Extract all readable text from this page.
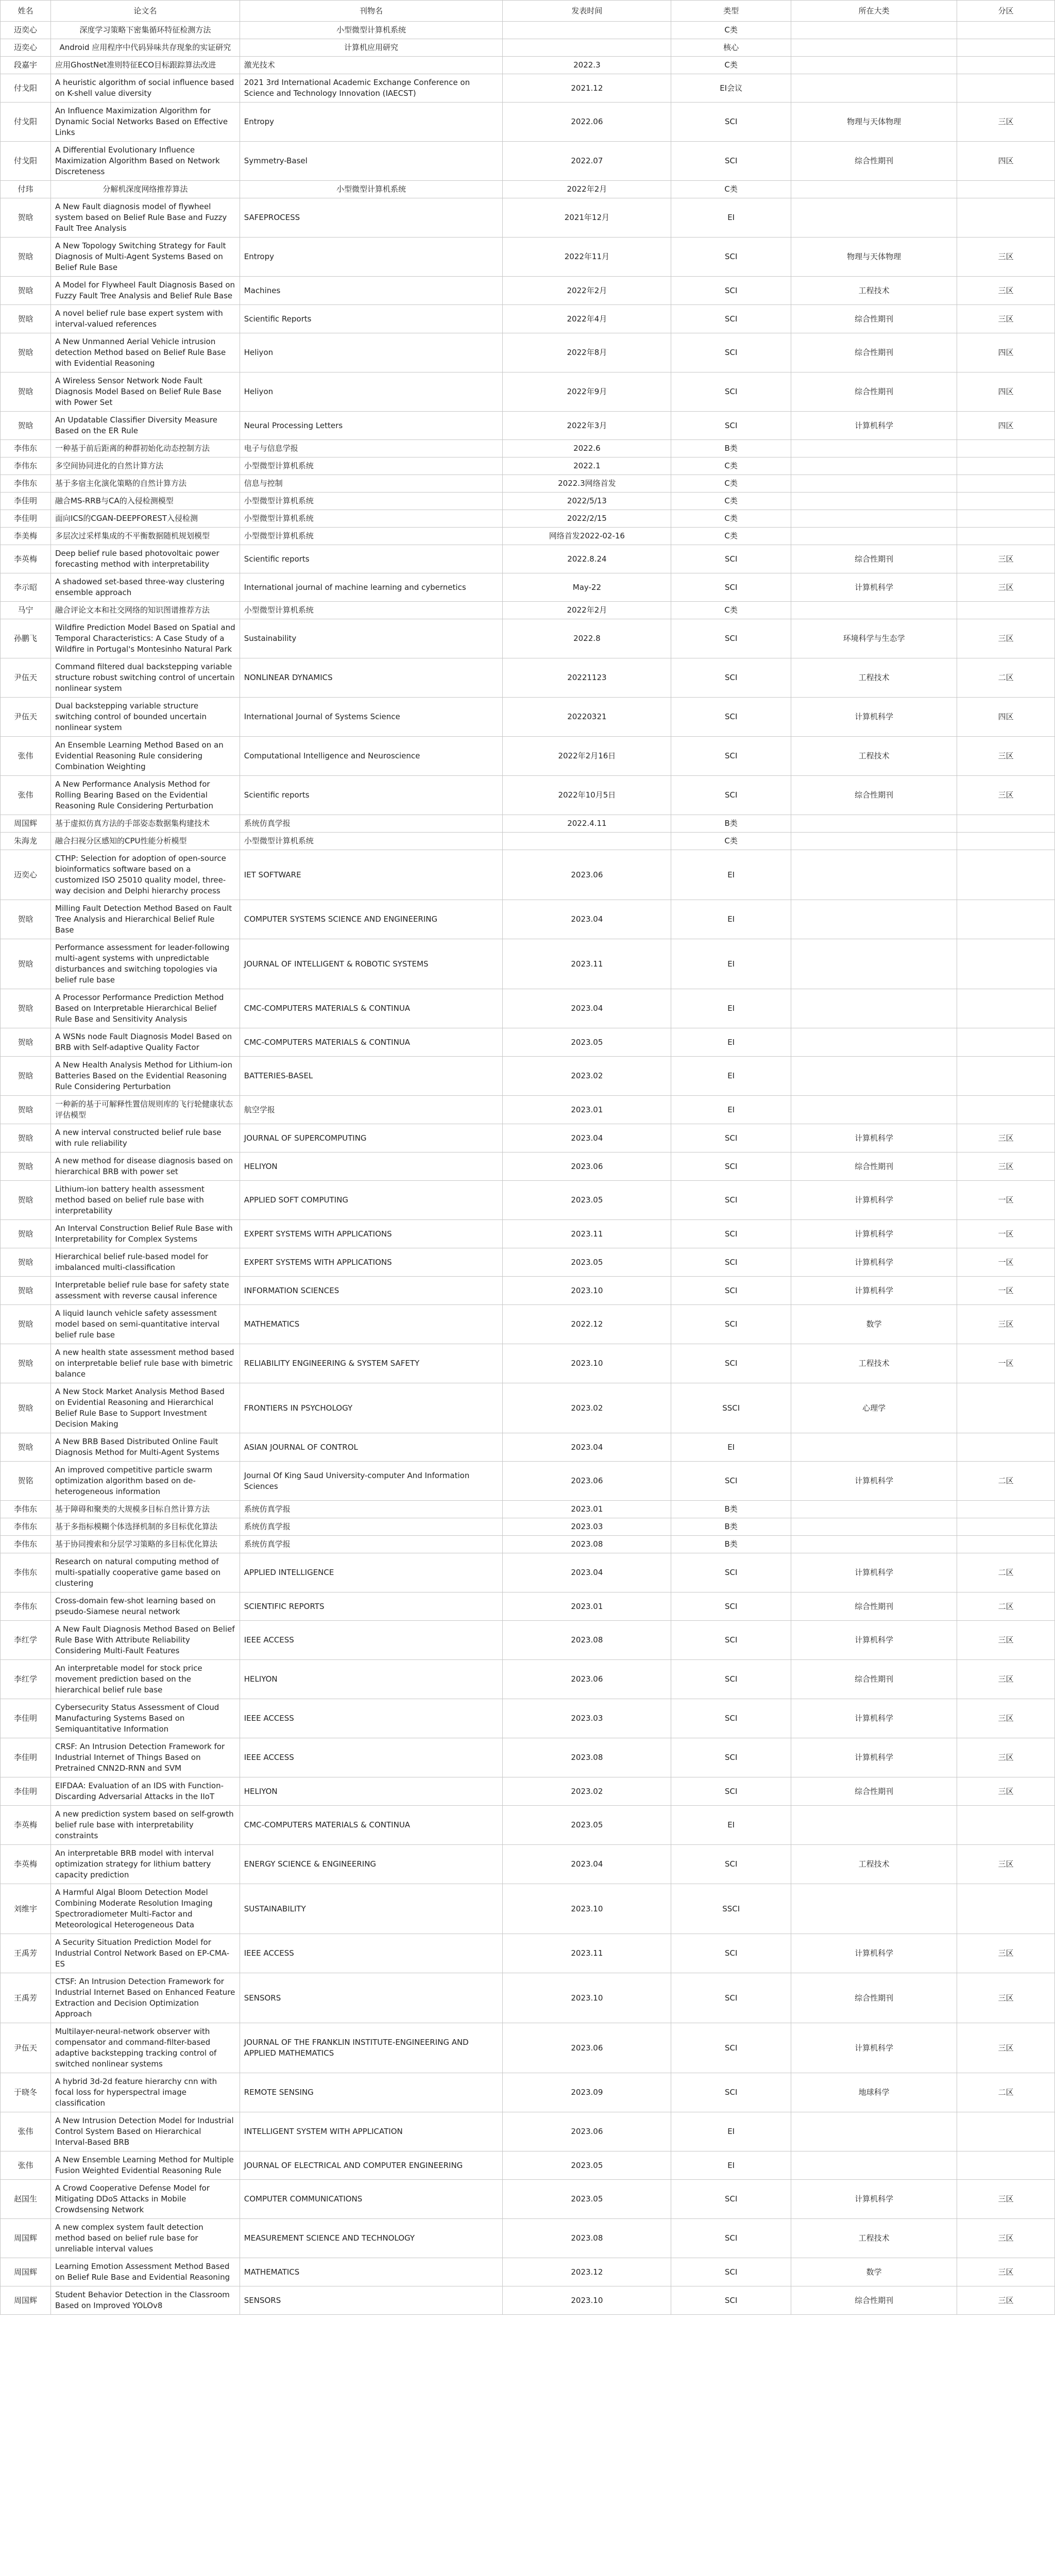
姓名	论文名	刊物名	发表时间	类型	所在大类	分区
迈奕心	深度学习策略下密集循环特征检测方法	小型微型计算机系统		C类		
迈奕心	Android 应用程序中代码异味共存现象的实证研究	计算机应用研究		核心		
段嘉宇	应用GhostNet准则特征ECO目标跟踪算法改进	激光技术	2022.3	C类		
付戈阳	A heuristic algorithm of social influence based on K-shell value diversity	2021 3rd International Academic Exchange Conference on Science and Technology Innovation (IAECST)	2021.12	EI会议		
付戈阳	An Influence Maximization Algorithm for Dynamic Social Networks Based on Effective Links	Entropy	2022.06	SCI	物理与天体物理	三区
付戈阳	A Differential Evolutionary Influence Maximization Algorithm Based on Network Discreteness	Symmetry-Basel	2022.07	SCI	综合性期刊	四区
付玮	分解机深度网络推荐算法	小型微型计算机系统	2022年2月	C类		
贺晗	A New Fault diagnosis model of flywheel system based on Belief Rule Base and Fuzzy Fault Tree Analysis	SAFEPROCESS	2021年12月	EI		
贺晗	A New Topology Switching Strategy for Fault Diagnosis of Multi-Agent Systems Based on Belief Rule Base	Entropy	2022年11月	SCI	物理与天体物理	三区
贺晗	A Model for Flywheel Fault Diagnosis Based on Fuzzy Fault Tree Analysis and Belief Rule Base	Machines	2022年2月	SCI	工程技术	三区
贺晗	A novel belief rule base expert system with interval-valued references	Scientific Reports	2022年4月	SCI	综合性期刊	三区
贺晗	A New Unmanned Aerial Vehicle intrusion detection Method based on Belief Rule Base with Evidential Reasoning	Heliyon	2022年8月	SCI	综合性期刊	四区
贺晗	A Wireless Sensor Network Node Fault Diagnosis Model Based on Belief Rule Base with Power Set	Heliyon	2022年9月	SCI	综合性期刊	四区
贺晗	An Updatable Classifier Diversity Measure Based on the ER Rule	Neural Processing Letters	2022年3月	SCI	计算机科学	四区
李伟东	一种基于前后距离的种群初始化动态控制方法	电子与信息学报	2022.6	B类		
李伟东	多空间协同进化的自然计算方法	小型微型计算机系统	2022.1	C类		
李伟东	基于多宿主化演化策略的自然计算方法	信息与控制	2022.3网络首发	C类		
李佳明	融合MS-RRB与CA的入侵检测模型	小型微型计算机系统	2022/5/13	C类		
李佳明	面向ICS的CGAN-DEEPFOREST入侵检测	小型微型计算机系统	2022/2/15	C类		
李美梅	多层次过采样集成的不平衡数据随机规划模型	小型微型计算机系统	网络首发2022-02-16	C类		
李英梅	Deep belief rule based photovoltaic power forecasting method with interpretability	Scientific reports	2022.8.24	SCI	综合性期刊	三区
李示昭	A shadowed set-based three-way clustering ensemble approach	International journal of machine learning and cybernetics	May-22	SCI	计算机科学	三区
马宁	融合评论文本和社交网络的知识图谱推荐方法	小型微型计算机系统	2022年2月	C类		
孙鹏飞	Wildfire Prediction Model Based on Spatial and Temporal Characteristics: A Case Study of a Wildfire in Portugal's Montesinho Natural Park	Sustainability	2022.8	SCI	环境科学与生态学	三区
尹伍天	Command filtered dual backstepping variable structure robust switching control of uncertain nonlinear system	NONLINEAR DYNAMICS	20221123	SCI	工程技术	二区
尹伍天	Dual backstepping variable structure switching control of bounded uncertain nonlinear system	International Journal of Systems Science	20220321	SCI	计算机科学	四区
张伟	An Ensemble Learning Method Based on an Evidential Reasoning Rule considering Combination Weighting	Computational Intelligence and Neuroscience	2022年2月16日	SCI	工程技术	三区
张伟	A New Performance Analysis Method for Rolling Bearing Based on the Evidential Reasoning Rule Considering Perturbation	Scientific reports	2022年10月5日	SCI	综合性期刊	三区
周国辉	基于虚拟仿真方法的手部姿态数据集构建技术	系统仿真学报	2022.4.11	B类		
朱海龙	融合扫视分区感知的CPU性能分析模型	小型微型计算机系统		C类		
迈奕心	CTHP: Selection for adoption of open-source bioinformatics software based on a customized ISO 25010 quality model, three-way decision and Delphi hierarchy process	IET SOFTWARE	2023.06	EI		
贺晗	Milling Fault Detection Method Based on Fault Tree Analysis and Hierarchical Belief Rule Base	COMPUTER SYSTEMS SCIENCE AND ENGINEERING	2023.04	EI		
贺晗	Performance assessment for leader-following multi-agent systems with unpredictable disturbances and switching topologies via belief rule base	JOURNAL OF INTELLIGENT & ROBOTIC SYSTEMS	2023.11	EI		
贺晗	A Processor Performance Prediction Method Based on Interpretable Hierarchical Belief Rule Base and Sensitivity Analysis	CMC-COMPUTERS MATERIALS & CONTINUA	2023.04	EI		
贺晗	A WSNs node Fault Diagnosis Model Based on BRB with Self-adaptive Quality Factor	CMC-COMPUTERS MATERIALS & CONTINUA	2023.05	EI		
贺晗	A New Health Analysis Method for Lithium-ion Batteries Based on the Evidential Reasoning Rule Considering Perturbation	BATTERIES-BASEL	2023.02	EI		
贺晗	一种新的基于可解释性置信规则库的飞行轮健康状态评估模型	航空学报	2023.01	EI		
贺晗	A new interval constructed belief rule base with rule reliability	JOURNAL OF SUPERCOMPUTING	2023.04	SCI	计算机科学	三区
贺晗	A new method for disease diagnosis based on hierarchical BRB with power set	HELIYON	2023.06	SCI	综合性期刊	三区
贺晗	Lithium-ion battery health assessment method based on belief rule base with interpretability	APPLIED SOFT COMPUTING	2023.05	SCI	计算机科学	一区
贺晗	An Interval Construction Belief Rule Base with Interpretability for Complex Systems	EXPERT SYSTEMS WITH APPLICATIONS	2023.11	SCI	计算机科学	一区
贺晗	Hierarchical belief rule-based model for imbalanced multi-classification	EXPERT SYSTEMS WITH APPLICATIONS	2023.05	SCI	计算机科学	一区
贺晗	Interpretable belief rule base for safety state assessment with reverse causal inference	INFORMATION SCIENCES	2023.10	SCI	计算机科学	一区
贺晗	A liquid launch vehicle safety assessment model based on semi-quantitative interval belief rule base	MATHEMATICS	2022.12	SCI	数学	三区
贺晗	A new health state assessment method based on interpretable belief rule base with bimetric balance	RELIABILITY ENGINEERING & SYSTEM SAFETY	2023.10	SCI	工程技术	一区
贺晗	A New Stock Market Analysis Method Based on Evidential Reasoning and Hierarchical Belief Rule Base to Support Investment Decision Making	FRONTIERS IN PSYCHOLOGY	2023.02	SSCI	心理学	
贺晗	A New BRB Based Distributed Online Fault Diagnosis Method for Multi-Agent Systems	ASIAN JOURNAL OF CONTROL	2023.04	EI		
贺铭	An improved competitive particle swarm optimization algorithm based on de-heterogeneous information	Journal Of King Saud University-computer And Information Sciences	2023.06	SCI	计算机科学	二区
李伟东	基于障碍和聚类的大规模多目标自然计算方法	系统仿真学报	2023.01	B类		
李伟东	基于多指标模糊个体选择机制的多目标优化算法	系统仿真学报	2023.03	B类		
李伟东	基于协同搜索和分层学习策略的多目标优化算法	系统仿真学报	2023.08	B类		
李伟东	Research on natural computing method of multi-spatially cooperative game based on clustering	APPLIED INTELLIGENCE	2023.04	SCI	计算机科学	二区
李伟东	Cross-domain few-shot learning based on pseudo-Siamese neural network	SCIENTIFIC REPORTS	2023.01	SCI	综合性期刊	二区
李红学	A New Fault Diagnosis Method Based on Belief Rule Base With Attribute Reliability Considering Multi-Fault Features	IEEE ACCESS	2023.08	SCI	计算机科学	三区
李红学	An interpretable model for stock price movement prediction based on the hierarchical belief rule base	HELIYON	2023.06	SCI	综合性期刊	三区
李佳明	Cybersecurity Status Assessment of Cloud Manufacturing Systems Based on Semiquantitative Information	IEEE ACCESS	2023.03	SCI	计算机科学	三区
李佳明	CRSF: An Intrusion Detection Framework for Industrial Internet of Things Based on Pretrained CNN2D-RNN and SVM	IEEE ACCESS	2023.08	SCI	计算机科学	三区
李佳明	EIFDAA: Evaluation of an IDS with Function-Discarding Adversarial Attacks in the IIoT	HELIYON	2023.02	SCI	综合性期刊	三区
李英梅	A new prediction system based on self-growth belief rule base with interpretability constraints	CMC-COMPUTERS MATERIALS & CONTINUA	2023.05	EI		
李英梅	An interpretable BRB model with interval optimization strategy for lithium battery capacity prediction	ENERGY SCIENCE & ENGINEERING	2023.04	SCI	工程技术	三区
刘维宇	A Harmful Algal Bloom Detection Model Combining Moderate Resolution Imaging Spectroradiometer Multi-Factor and Meteorological Heterogeneous Data	SUSTAINABILITY	2023.10	SSCI		
王禹芳	A Security Situation Prediction Model for Industrial Control Network Based on EP-CMA-ES	IEEE ACCESS	2023.11	SCI	计算机科学	三区
王禹芳	CTSF: An Intrusion Detection Framework for Industrial Internet Based on Enhanced Feature Extraction and Decision Optimization Approach	SENSORS	2023.10	SCI	综合性期刊	三区
尹伍天	Multilayer-neural-network observer with compensator and command-filter-based adaptive backstepping tracking control of switched nonlinear systems	JOURNAL OF THE FRANKLIN INSTITUTE-ENGINEERING AND APPLIED MATHEMATICS	2023.06	SCI	计算机科学	三区
于晓冬	A hybrid 3d-2d feature hierarchy cnn with focal loss for hyperspectral image classification	REMOTE SENSING	2023.09	SCI	地球科学	二区
张伟	A New Intrusion Detection Model for Industrial Control System Based on Hierarchical Interval-Based BRB	INTELLIGENT SYSTEM WITH APPLICATION	2023.06	EI		
张伟	A New Ensemble Learning Method for Multiple Fusion Weighted Evidential Reasoning Rule	JOURNAL OF ELECTRICAL AND COMPUTER ENGINEERING	2023.05	EI		
赵国生	A Crowd Cooperative Defense Model for Mitigating DDoS Attacks in Mobile Crowdsensing Network	COMPUTER COMMUNICATIONS	2023.05	SCI	计算机科学	三区
周国辉	A new complex system fault detection method based on belief rule base for unreliable interval values	MEASUREMENT SCIENCE AND TECHNOLOGY	2023.08	SCI	工程技术	三区
周国辉	Learning Emotion Assessment Method Based on Belief Rule Base and Evidential Reasoning	MATHEMATICS	2023.12	SCI	数学	三区
周国辉	Student Behavior Detection in the Classroom Based on Improved YOLOv8	SENSORS	2023.10	SCI	综合性期刊	三区
